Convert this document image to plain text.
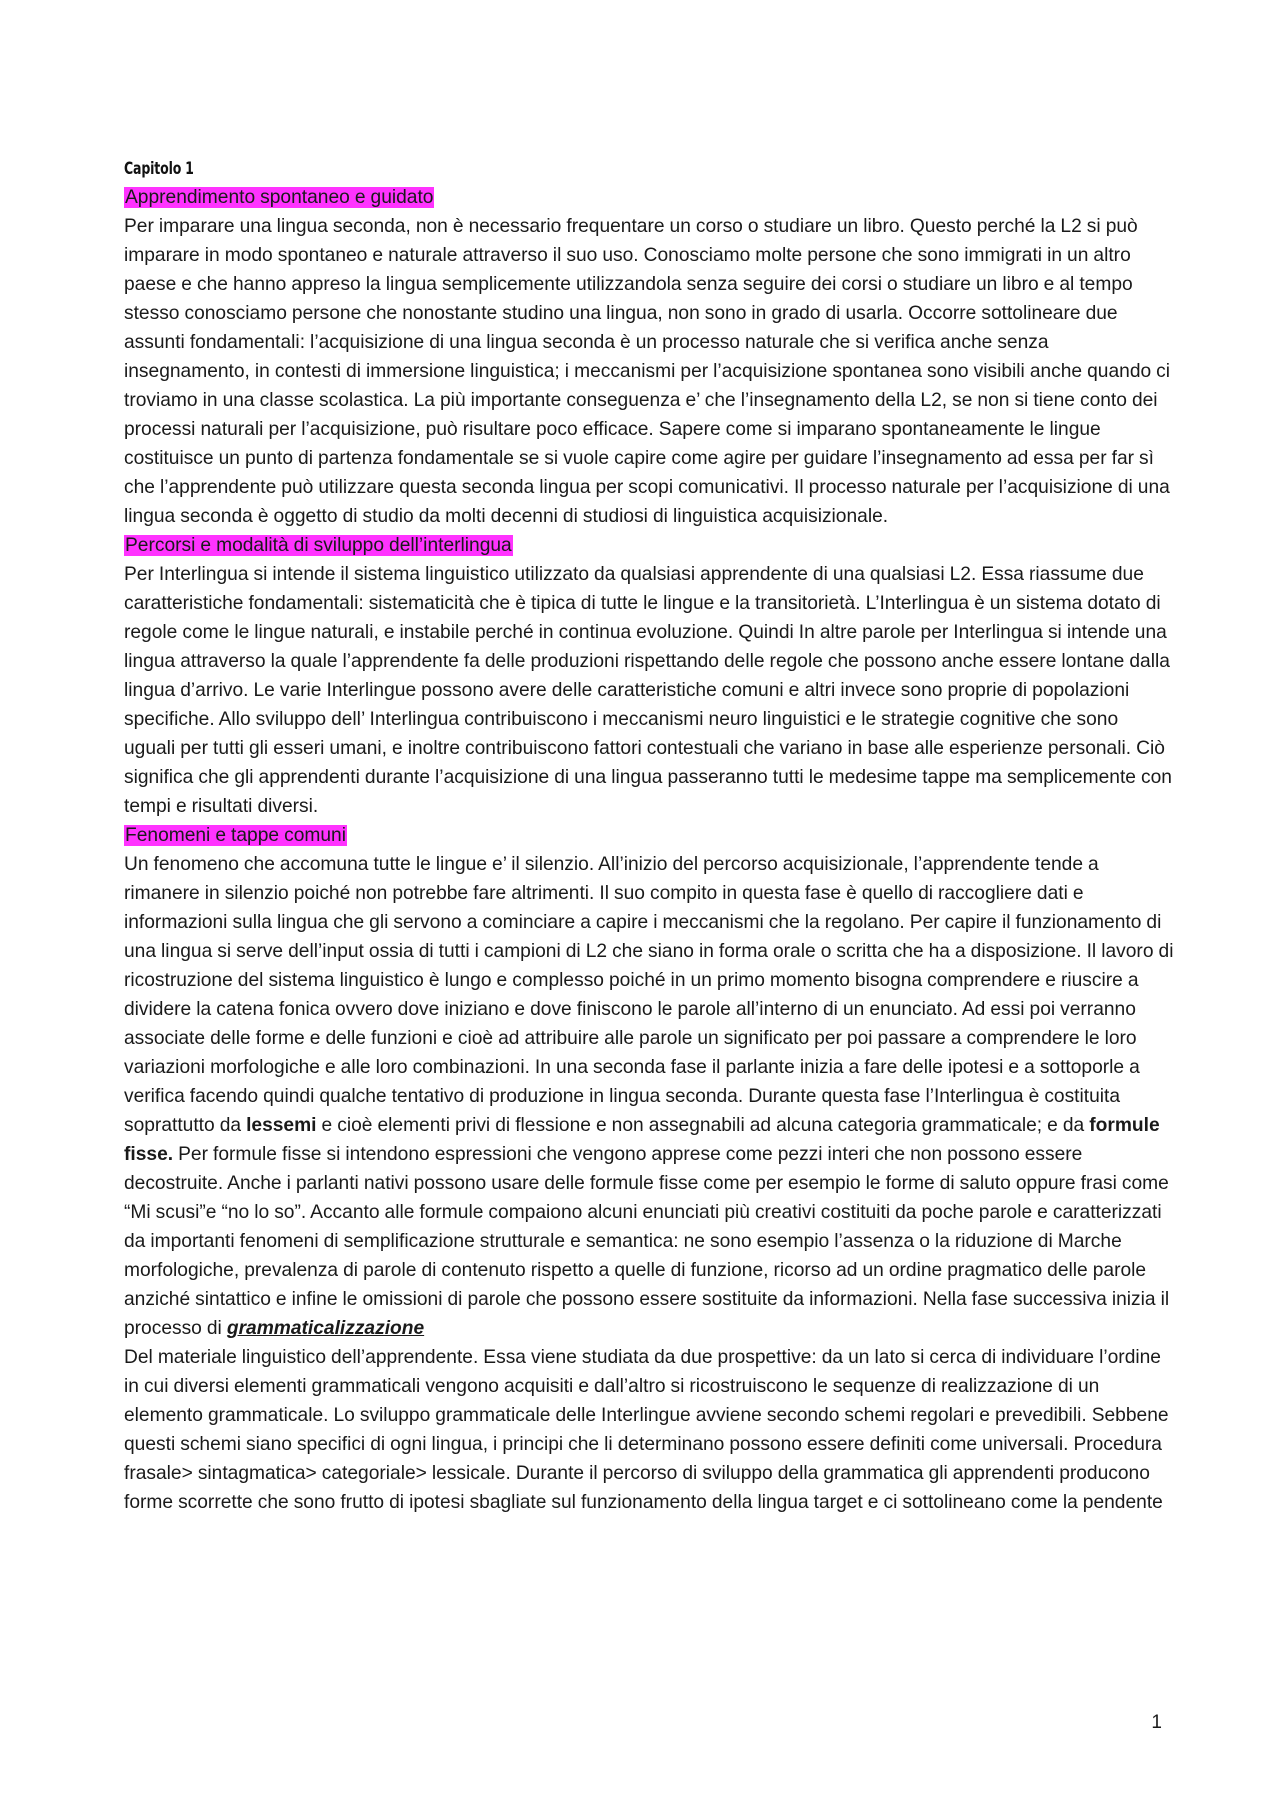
Capitolo 1
Apprendimento spontaneo e guidato

Per imparare una lingua seconda, non è necessario frequentare un corso o studiare un libro. Questo perché la L2 si può imparare in modo spontaneo e naturale attraverso il suo uso. Conosciamo molte persone che sono immigrati in un altro paese e che hanno appreso la lingua semplicemente utilizzandola senza seguire dei corsi o studiare un libro e al tempo stesso conosciamo persone che nonostante studino una lingua, non sono in grado di usarla. Occorre sottolineare due assunti fondamentali: l’acquisizione di una lingua seconda è un processo naturale che si verifica anche senza insegnamento, in contesti di immersione linguistica; i meccanismi per l’acquisizione spontanea sono visibili anche quando ci troviamo in una classe scolastica. La più importante conseguenza e’ che l’insegnamento della L2, se non si tiene conto dei processi naturali per l’acquisizione, può risultare poco efficace. Sapere come si imparano spontaneamente le lingue costituisce un punto di partenza fondamentale se si vuole capire come agire per guidare l’insegnamento ad essa per far sì che l’apprendente può utilizzare questa seconda lingua per scopi comunicativi. Il processo naturale per l’acquisizione di una lingua seconda è oggetto di studio da molti decenni di studiosi di linguistica acquisizionale.

Percorsi e modalità di sviluppo dell’interlingua

Per Interlingua si intende il sistema linguistico utilizzato da qualsiasi apprendente di una qualsiasi L2. Essa riassume due caratteristiche fondamentali: sistematicità che è tipica di tutte le lingue e la transitorietà. L’Interlingua è un sistema dotato di regole come le lingue naturali, e instabile perché in continua evoluzione. Quindi In altre parole per Interlingua si intende una lingua attraverso la quale l’apprendente fa delle produzioni rispettando delle regole che possono anche essere lontane dalla lingua d’arrivo. Le varie Interlingue possono avere delle caratteristiche comuni e altri invece sono proprie di popolazioni specifiche. Allo sviluppo dell’ Interlingua contribuiscono i meccanismi neuro linguistici e le strategie cognitive che sono uguali per tutti gli esseri umani, e inoltre contribuiscono fattori contestuali che variano in base alle esperienze personali. Ciò significa che gli apprendenti durante l’acquisizione di una lingua passeranno tutti le medesime tappe ma semplicemente con tempi e risultati diversi.

Fenomeni e tappe comuni

Un fenomeno che accomuna tutte le lingue e’ il silenzio. All’inizio del percorso acquisizionale, l’apprendente tende a rimanere in silenzio poiché non potrebbe fare altrimenti. Il suo compito in questa fase è quello di raccogliere dati e informazioni sulla lingua che gli servono a cominciare a capire i meccanismi che la regolano. Per capire il funzionamento di una lingua si serve dell’input ossia di tutti i campioni di L2 che siano in forma orale o scritta che ha a disposizione. Il lavoro di ricostruzione del sistema linguistico è lungo e complesso poiché in un primo momento bisogna comprendere e riuscire a dividere la catena fonica ovvero dove iniziano e dove finiscono le parole all’interno di un enunciato. Ad essi poi verranno associate delle forme e delle funzioni e cioè ad attribuire alle parole un significato per poi passare a comprendere le loro variazioni morfologiche e alle loro combinazioni. In una seconda fase il parlante inizia a fare delle ipotesi e a sottoporle a verifica facendo quindi qualche tentativo di produzione in lingua seconda. Durante questa fase l’Interlingua è costituita soprattutto da lessemi e cioè elementi privi di flessione e non assegnabili ad alcuna categoria grammaticale; e da formule fisse. Per formule fisse si intendono espressioni che vengono apprese come pezzi interi che non possono essere decostruite. Anche i parlanti nativi possono usare delle formule fisse come per esempio le forme di saluto oppure frasi come “Mi scusi”e “no lo so”. Accanto alle formule compaiono alcuni enunciati più creativi costituiti da poche parole e caratterizzati da importanti fenomeni di semplificazione strutturale e semantica: ne sono esempio l’assenza o la riduzione di Marche morfologiche, prevalenza di parole di contenuto rispetto a quelle di funzione, ricorso ad un ordine pragmatico delle parole anziché sintattico e infine le omissioni di parole che possono essere sostituite da informazioni. Nella fase successiva inizia il processo di grammaticalizzazione
Del materiale linguistico dell’apprendente. Essa viene studiata da due prospettive: da un lato si cerca di individuare l’ordine in cui diversi elementi grammaticali vengono acquisiti e dall’altro si ricostruiscono le sequenze di realizzazione di un elemento grammaticale. Lo sviluppo grammaticale delle Interlingue avviene secondo schemi regolari e prevedibili. Sebbene questi schemi siano specifici di ogni lingua, i principi che li determinano possono essere definiti come universali. Procedura frasale> sintagmatica> categoriale> lessicale. Durante il percorso di sviluppo della grammatica gli apprendenti producono forme scorrette che sono frutto di ipotesi sbagliate sul funzionamento della lingua target e ci sottolineano come la pendente

1
